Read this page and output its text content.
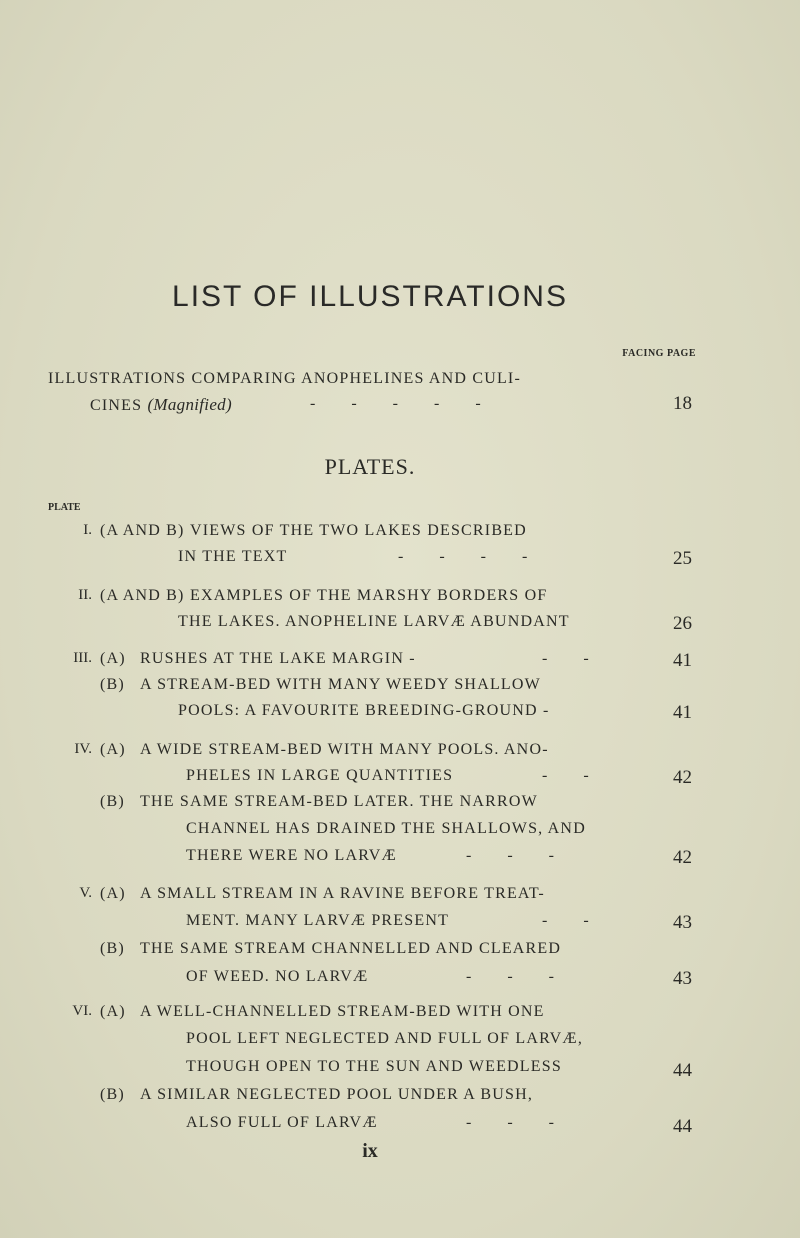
LIST OF ILLUSTRATIONS
FACING PAGE
ILLUSTRATIONS COMPARING ANOPHELINES AND CULI-
CINES (Magnified)	-         -         -         -         -	18
PLATES.
PLATE
I. (A AND B) VIEWS OF THE TWO LAKES DESCRIBED
IN THE TEXT	-         -         -         -	25
II. (A AND B) EXAMPLES OF THE MARSHY BORDERS OF
THE LAKES. ANOPHELINE LARVÆ ABUNDANT	26
III. (A) RUSHES AT THE LAKE MARGIN -	-         -	41
(B) A STREAM-BED WITH MANY WEEDY SHALLOW
POOLS: A FAVOURITE BREEDING-GROUND -	41
IV. (A) A WIDE STREAM-BED WITH MANY POOLS. ANO-
PHELES IN LARGE QUANTITIES	-         -	42
(B) THE SAME STREAM-BED LATER. THE NARROW
CHANNEL HAS DRAINED THE SHALLOWS, AND
THERE WERE NO LARVÆ	-         -         -	42
V. (A) A SMALL STREAM IN A RAVINE BEFORE TREAT-
MENT. MANY LARVÆ PRESENT	-         -	43
(B) THE SAME STREAM CHANNELLED AND CLEARED
OF WEED. NO LARVÆ	-         -         -	43
VI. (A) A WELL-CHANNELLED STREAM-BED WITH ONE
POOL LEFT NEGLECTED AND FULL OF LARVÆ,
THOUGH OPEN TO THE SUN AND WEEDLESS	44
(B) A SIMILAR NEGLECTED POOL UNDER A BUSH,
ALSO FULL OF LARVÆ	-         -         -	44
ix
